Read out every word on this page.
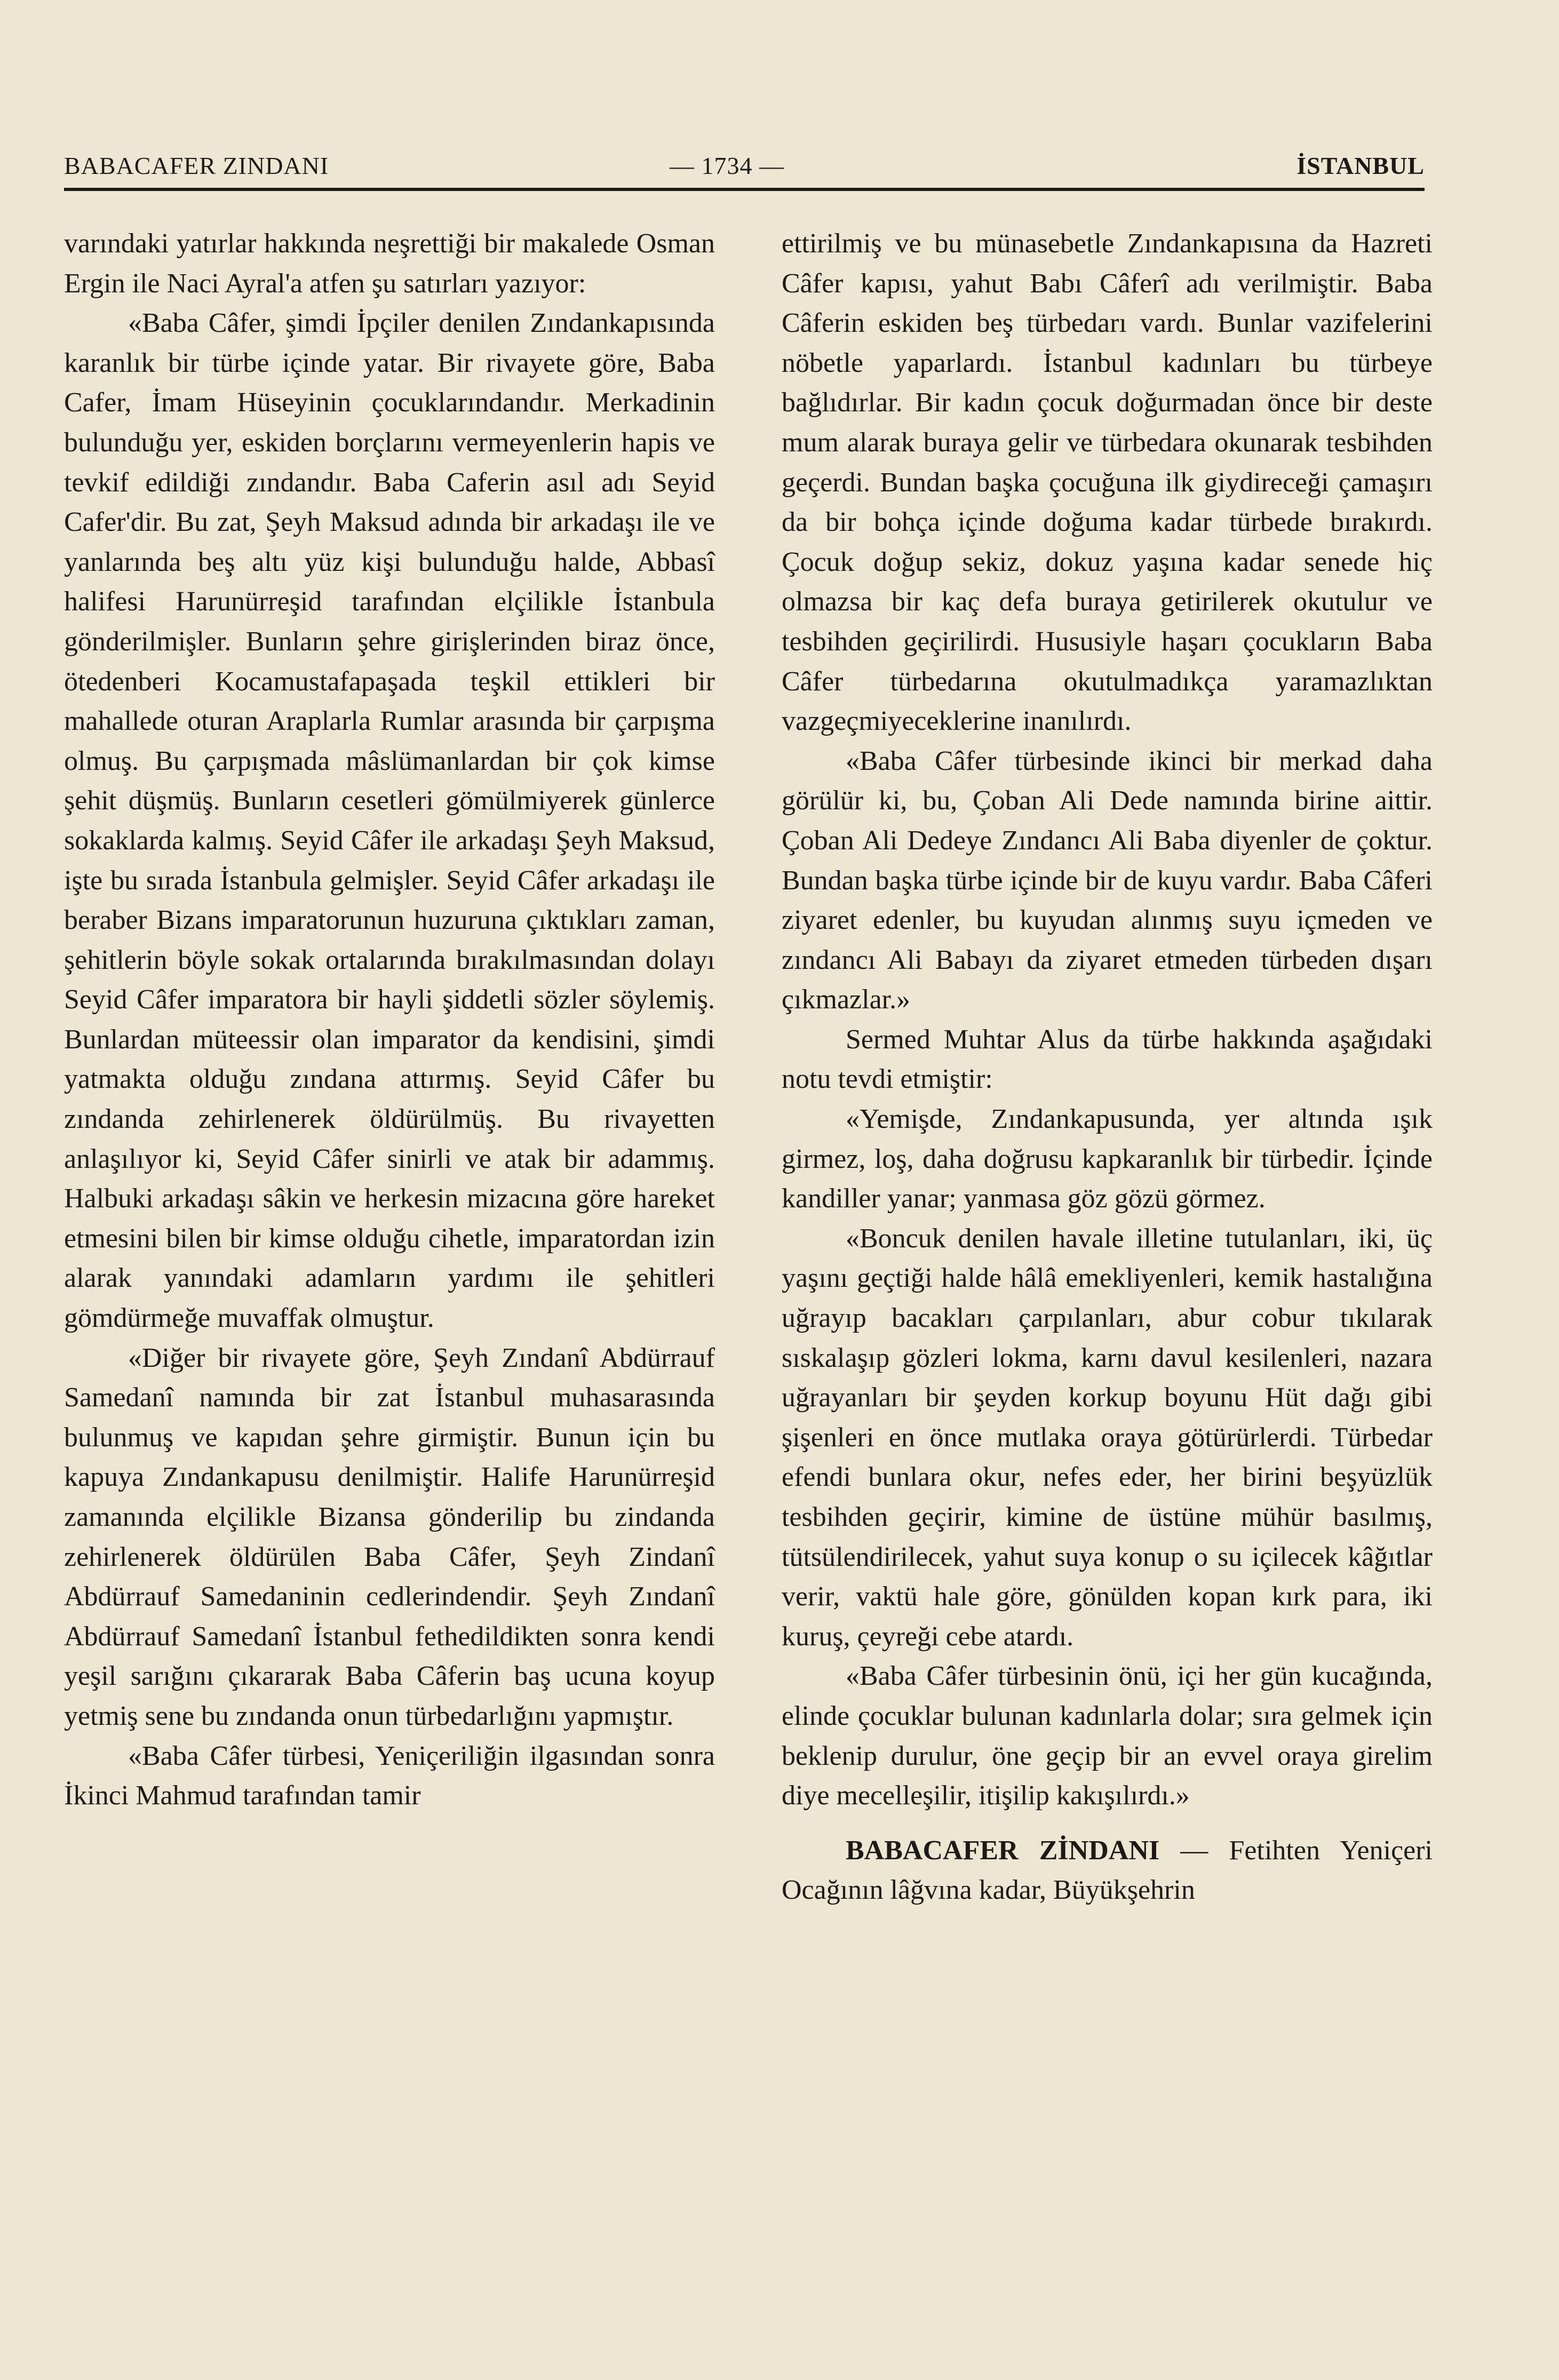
BABACAFER ZINDANI	— 1734 —	İSTANBUL

varındaki yatırlar hakkında neşrettiği bir makalede Osman Ergin ile Naci Ayral'a atfen şu satırları yazıyor:

«Baba Câfer, şimdi İpçiler denilen Zındankapısında karanlık bir türbe içinde yatar. Bir rivayete göre, Baba Cafer, İmam Hüseyinin çocuklarındandır. Merkadinin bulunduğu yer, eskiden borçlarını vermeyenlerin hapis ve tevkif edildiği zındandır. Baba Caferin asıl adı Seyid Cafer'dir. Bu zat, Şeyh Maksud adında bir arkadaşı ile ve yanlarında beş altı yüz kişi bulunduğu halde, Abbasî halifesi Harunürreşid tarafından elçilikle İstanbula gönderilmişler. Bunların şehre girişlerinden biraz önce, ötedenberi Kocamustafapaşada teşkil ettikleri bir mahallede oturan Araplarla Rumlar arasında bir çarpışma olmuş. Bu çarpışmada mâslümanlardan bir çok kimse şehit düşmüş. Bunların cesetleri gömülmiyerek günlerce sokaklarda kalmış. Seyid Câfer ile arkadaşı Şeyh Maksud, işte bu sırada İstanbula gelmişler. Seyid Câfer arkadaşı ile beraber Bizans imparatorunun huzuruna çıktıkları zaman, şehitlerin böyle sokak ortalarında bırakılmasından dolayı Seyid Câfer imparatora bir hayli şiddetli sözler söylemiş. Bunlardan müteessir olan imparator da kendisini, şimdi yatmakta olduğu zındana attırmış. Seyid Câfer bu zındanda zehirlenerek öldürülmüş. Bu rivayetten anlaşılıyor ki, Seyid Câfer sinirli ve atak bir adammış. Halbuki arkadaşı sâkin ve herkesin mizacına göre hareket etmesini bilen bir kimse olduğu cihetle, imparatordan izin alarak yanındaki adamların yardımı ile şehitleri gömdürmeğe muvaffak olmuştur.

«Diğer bir rivayete göre, Şeyh Zındanî Abdürrauf Samedanî namında bir zat İstanbul muhasarasında bulunmuş ve kapıdan şehre girmiştir. Bunun için bu kapuya Zındankapusu denilmiştir. Halife Harunürreşid zamanında elçilikle Bizansa gönderilip bu zindanda zehirlenerek öldürülen Baba Câfer, Şeyh Zindanî Abdürrauf Samedaninin cedlerindendir. Şeyh Zındanî Abdürrauf Samedanî İstanbul fethedildikten sonra kendi yeşil sarığını çıkararak Baba Câferin baş ucuna koyup yetmiş sene bu zındanda onun türbedarlığını yapmıştır.

«Baba Câfer türbesi, Yeniçeriliğin ilgasından sonra İkinci Mahmud tarafından tamir

ettirilmiş ve bu münasebetle Zındankapısına da Hazreti Câfer kapısı, yahut Babı Câferî adı verilmiştir. Baba Câferin eskiden beş türbedarı vardı. Bunlar vazifelerini nöbetle yaparlardı. İstanbul kadınları bu türbeye bağlıdırlar. Bir kadın çocuk doğurmadan önce bir deste mum alarak buraya gelir ve türbedara okunarak tesbihden geçerdi. Bundan başka çocuğuna ilk giydireceği çamaşırı da bir bohça içinde doğuma kadar türbede bırakırdı. Çocuk doğup sekiz, dokuz yaşına kadar senede hiç olmazsa bir kaç defa buraya getirilerek okutulur ve tesbihden geçirilirdi. Hususiyle haşarı çocukların Baba Câfer türbedarına okutulmadıkça yaramazlıktan vazgeçmiyeceklerine inanılırdı.

«Baba Câfer türbesinde ikinci bir merkad daha görülür ki, bu, Çoban Ali Dede namında birine aittir. Çoban Ali Dedeye Zındancı Ali Baba diyenler de çoktur. Bundan başka türbe içinde bir de kuyu vardır. Baba Câferi ziyaret edenler, bu kuyudan alınmış suyu içmeden ve zındancı Ali Babayı da ziyaret etmeden türbeden dışarı çıkmazlar.»

Sermed Muhtar Alus da türbe hakkında aşağıdaki notu tevdi etmiştir:

«Yemişde, Zındankapusunda, yer altında ışık girmez, loş, daha doğrusu kapkaranlık bir türbedir. İçinde kandiller yanar; yanmasa göz gözü görmez.

«Boncuk denilen havale illetine tutulanları, iki, üç yaşını geçtiği halde hâlâ emekliyenleri, kemik hastalığına uğrayıp bacakları çarpılanları, abur cobur tıkılarak sıskalaşıp gözleri lokma, karnı davul kesilenleri, nazara uğrayanları bir şeyden korkup boyunu Hüt dağı gibi şişenleri en önce mutlaka oraya götürürlerdi. Türbedar efendi bunlara okur, nefes eder, her birini beşyüzlük tesbihden geçirir, kimine de üstüne mühür basılmış, tütsülendirilecek, yahut suya konup o su içilecek kâğıtlar verir, vaktü hale göre, gönülden kopan kırk para, iki kuruş, çeyreği cebe atardı.

«Baba Câfer türbesinin önü, içi her gün kucağında, elinde çocuklar bulunan kadınlarla dolar; sıra gelmek için beklenip durulur, öne geçip bir an evvel oraya girelim diye mecelleşilir, itişilip kakışılırdı.»

BABACAFER ZİNDANI — Fetihten Yeniçeri Ocağının lâğvına kadar, Büyükşehrin
